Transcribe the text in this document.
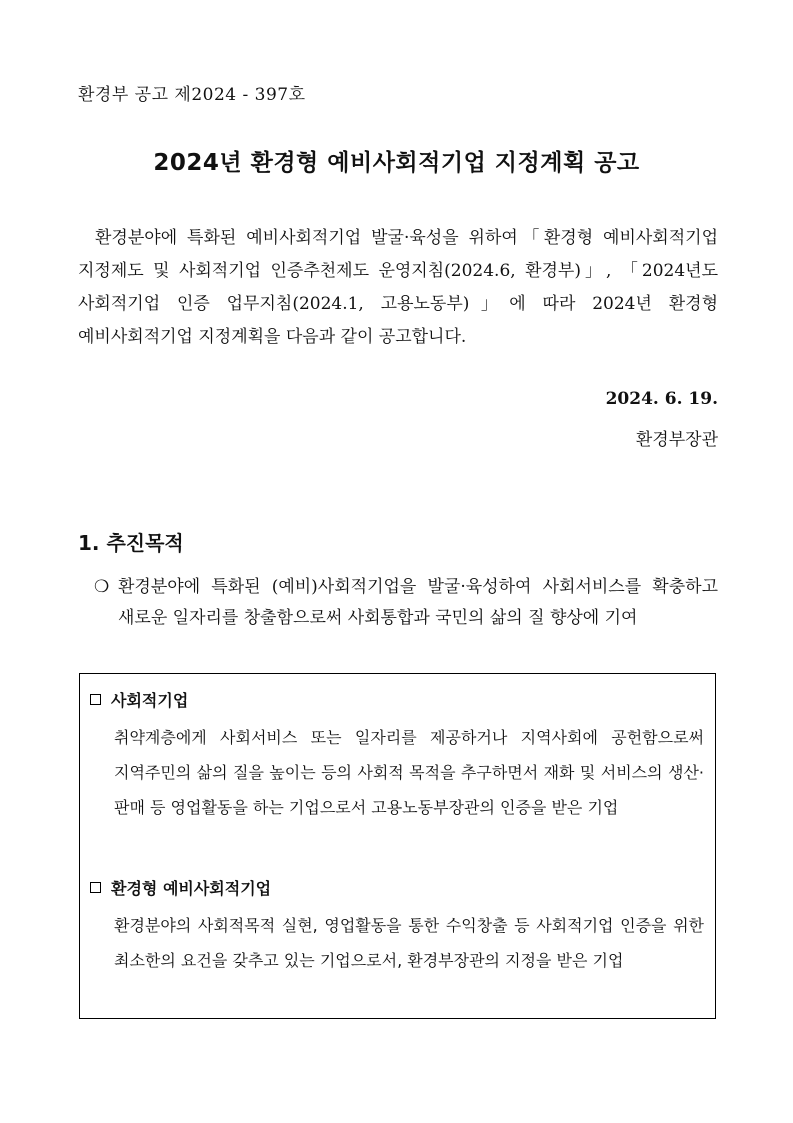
환경부 공고 제2024 - 397호
2024년 환경형 예비사회적기업 지정계획 공고
환경분야에 특화된 예비사회적기업 발굴·육성을 위하여「환경형 예비사회적기업 지정제도 및 사회적기업 인증추천제도 운영지침(2024.6, 환경부)」, 「2024년도 사회적기업 인증 업무지침(2024.1, 고용노동부)」에 따라 2024년 환경형 예비사회적기업 지정계획을 다음과 같이 공고합니다.
2024. 6. 19.
환경부장관
1. 추진목적
❍ 환경분야에 특화된 (예비)사회적기업을 발굴·육성하여 사회서비스를 확충하고 새로운 일자리를 창출함으로써 사회통합과 국민의 삶의 질 향상에 기여
사회적기업
취약계층에게 사회서비스 또는 일자리를 제공하거나 지역사회에 공헌함으로써 지역주민의 삶의 질을 높이는 등의 사회적 목적을 추구하면서 재화 및 서비스의 생산·판매 등 영업활동을 하는 기업으로서 고용노동부장관의 인증을 받은 기업
환경형 예비사회적기업
환경분야의 사회적목적 실현, 영업활동을 통한 수익창출 등 사회적기업 인증을 위한 최소한의 요건을 갖추고 있는 기업으로서, 환경부장관의 지정을 받은 기업
